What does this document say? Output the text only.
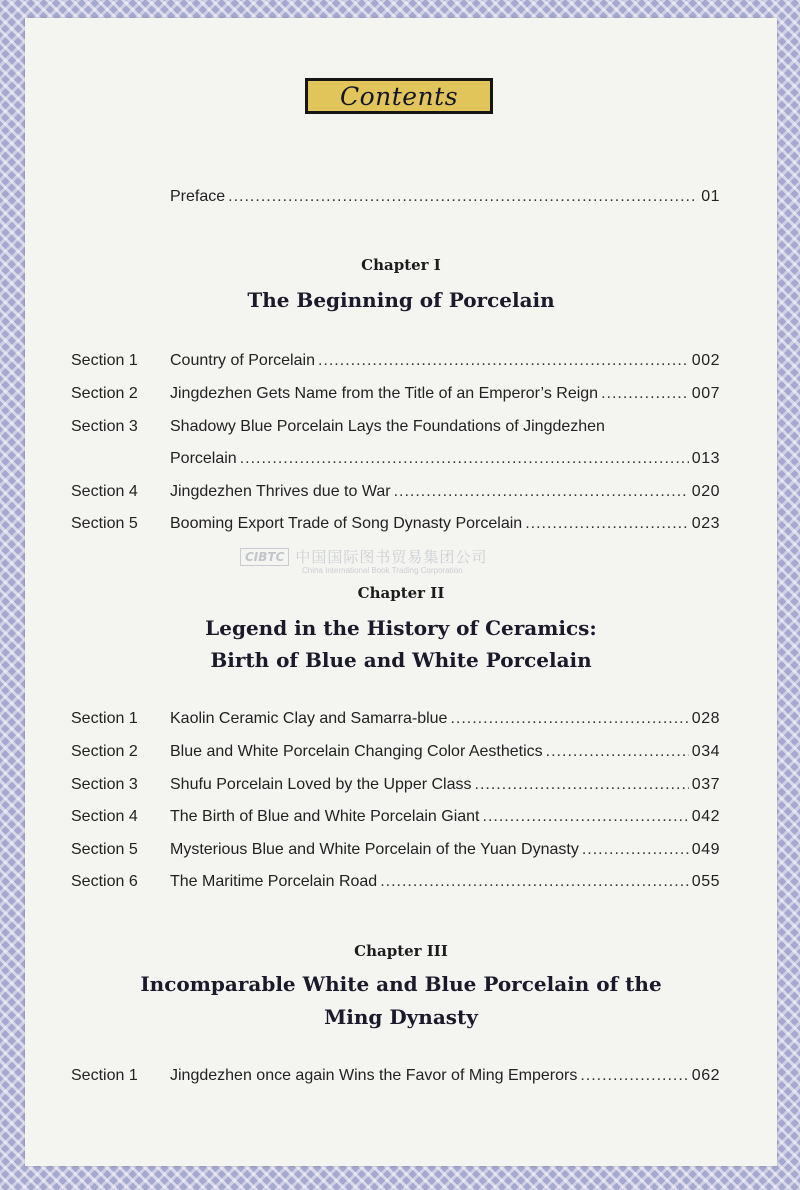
Contents
Preface .....	01
Chapter I
The Beginning of Porcelain
Section 1 Country of Porcelain .....	002
Section 2 Jingdezhen Gets Name from the Title of an Emperor’s Reign .....	007
Section 3 Shadowy Blue Porcelain Lays the Foundations of Jingdezhen
Porcelain .....	013
Section 4 Jingdezhen Thrives due to War .....	020
Section 5 Booming Export Trade of Song Dynasty Porcelain .....	023
CIBTC 中国国际图书贸易集团公司
China International Book Trading Corporation
Chapter II
Legend in the History of Ceramics:
Birth of Blue and White Porcelain
Section 1 Kaolin Ceramic Clay and Samarra-blue .....	028
Section 2 Blue and White Porcelain Changing Color Aesthetics .....	034
Section 3 Shufu Porcelain Loved by the Upper Class .....	037
Section 4 The Birth of Blue and White Porcelain Giant .....	042
Section 5 Mysterious Blue and White Porcelain of the Yuan Dynasty .....	049
Section 6 The Maritime Porcelain Road .....	055
Chapter III
Incomparable White and Blue Porcelain of the
Ming Dynasty
Section 1 Jingdezhen once again Wins the Favor of Ming Emperors .....	062
